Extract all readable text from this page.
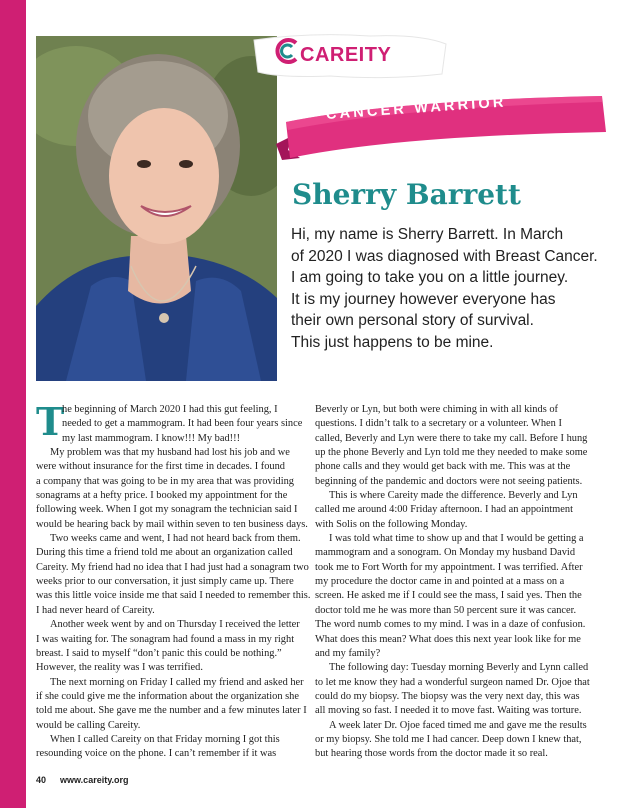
CAREITY
CANCER WARRIOR
Sherry Barrett
Hi, my name is Sherry Barrett. In March
of 2020 I was diagnosed with Breast Cancer.
I am going to take you on a little journey.
It is my journey however everyone has
their own personal story of survival.
This just happens to be mine.
T
he beginning of March 2020 I had this gut feeling, I
needed to get a mammogram. It had been four years since
my last mammogram. I know!!! My bad!!!
My problem was that my husband had lost his job and we
were without insurance for the first time in decades. I found
a company that was going to be in my area that was providing
sonagrams at a hefty price. I booked my appointment for the
following week. When I got my sonagram the technician said I
would be hearing back by mail within seven to ten business days.
Two weeks came and went, I had not heard back from them.
During this time a friend told me about an organization called
Careity. My friend had no idea that I had just had a sonagram two
weeks prior to our conversation, it just simply came up. There
was this little voice inside me that said I needed to remember this.
I had never heard of Careity.
Another week went by and on Thursday I received the letter
I was waiting for. The sonagram had found a mass in my right
breast. I said to myself “don’t panic this could be nothing.”
However, the reality was I was terrified.
The next morning on Friday I called my friend and asked her
if she could give me the information about the organization she
told me about. She gave me the number and a few minutes later I
would be calling Careity.
When I called Careity on that Friday morning I got this
resounding voice on the phone. I can’t remember if it was
Beverly or Lyn, but both were chiming in with all kinds of
questions. I didn’t talk to a secretary or a volunteer. When I
called, Beverly and Lyn were there to take my call. Before I hung
up the phone Beverly and Lyn told me they needed to make some
phone calls and they would get back with me. This was at the
beginning of the pandemic and doctors were not seeing patients.
This is where Careity made the difference. Beverly and Lyn
called me around 4:00 Friday afternoon. I had an appointment
with Solis on the following Monday.
I was told what time to show up and that I would be getting a
mammogram and a sonogram. On Monday my husband David
took me to Fort Worth for my appointment. I was terrified. After
my procedure the doctor came in and pointed at a mass on a
screen. He asked me if I could see the mass, I said yes. Then the
doctor told me he was more than 50 percent sure it was cancer.
The word numb comes to my mind. I was in a daze of confusion.
What does this mean? What does this next year look like for me
and my family?
The following day: Tuesday morning Beverly and Lynn called
to let me know they had a wonderful surgeon named Dr. Ojoe that
could do my biopsy. The biopsy was the very next day, this was
all moving so fast. I needed it to move fast. Waiting was torture.
A week later Dr. Ojoe faced timed me and gave me the results
or my biopsy. She told me I had cancer. Deep down I knew that,
but hearing those words from the doctor made it so real.
40 www.careity.org
